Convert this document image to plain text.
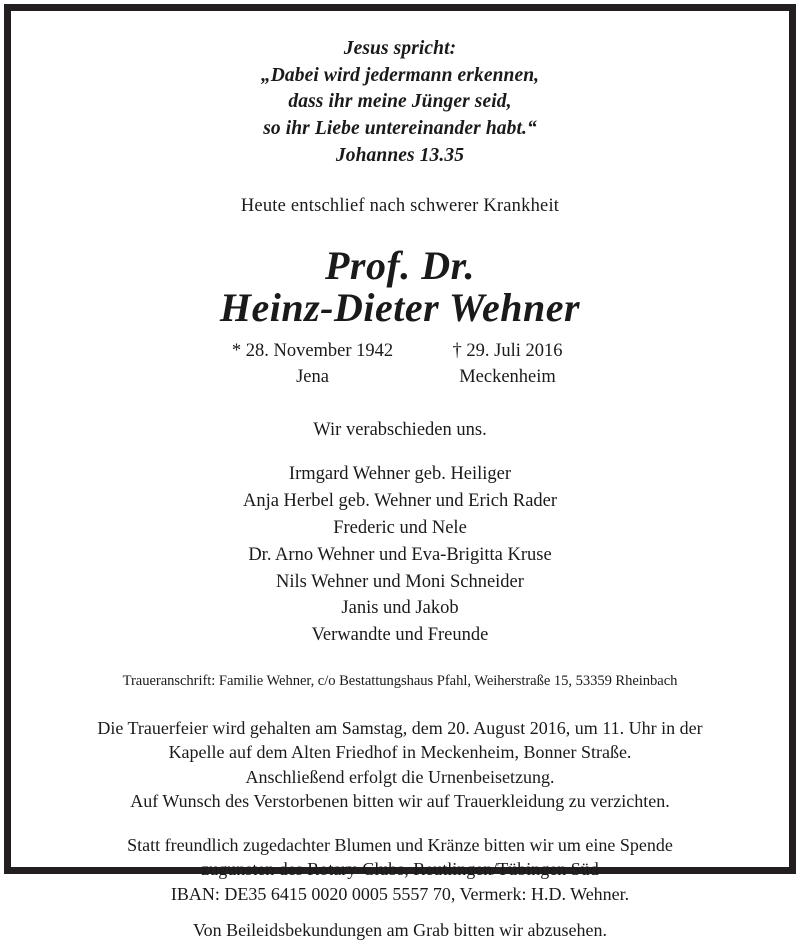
Jesus spricht:
„Dabei wird jedermann erkennen,
dass ihr meine Jünger seid,
so ihr Liebe untereinander habt.“
Johannes 13.35
Heute entschlief nach schwerer Krankheit
Prof. Dr.
Heinz-Dieter Wehner
* 28. November 1942
Jena
† 29. Juli 2016
Meckenheim
Wir verabschieden uns.
Irmgard Wehner geb. Heiliger
Anja Herbel geb. Wehner und Erich Rader
Frederic und Nele
Dr. Arno Wehner und Eva-Brigitta Kruse
Nils Wehner und Moni Schneider
Janis und Jakob
Verwandte und Freunde
Traueranschrift: Familie Wehner, c/o Bestattungshaus Pfahl, Weiherstraße 15, 53359 Rheinbach
Die Trauerfeier wird gehalten am Samstag, dem 20. August 2016, um 11. Uhr in der
Kapelle auf dem Alten Friedhof in Meckenheim, Bonner Straße.
Anschließend erfolgt die Urnenbeisetzung.
Auf Wunsch des Verstorbenen bitten wir auf Trauerkleidung zu verzichten.
Statt freundlich zugedachter Blumen und Kränze bitten wir um eine Spende
zugunsten des Rotary-Clubs, Reutlingen/Tübingen Süd
IBAN: DE35 6415 0020 0005 5557 70, Vermerk: H.D. Wehner.
Von Beileidsbekundungen am Grab bitten wir abzusehen.
